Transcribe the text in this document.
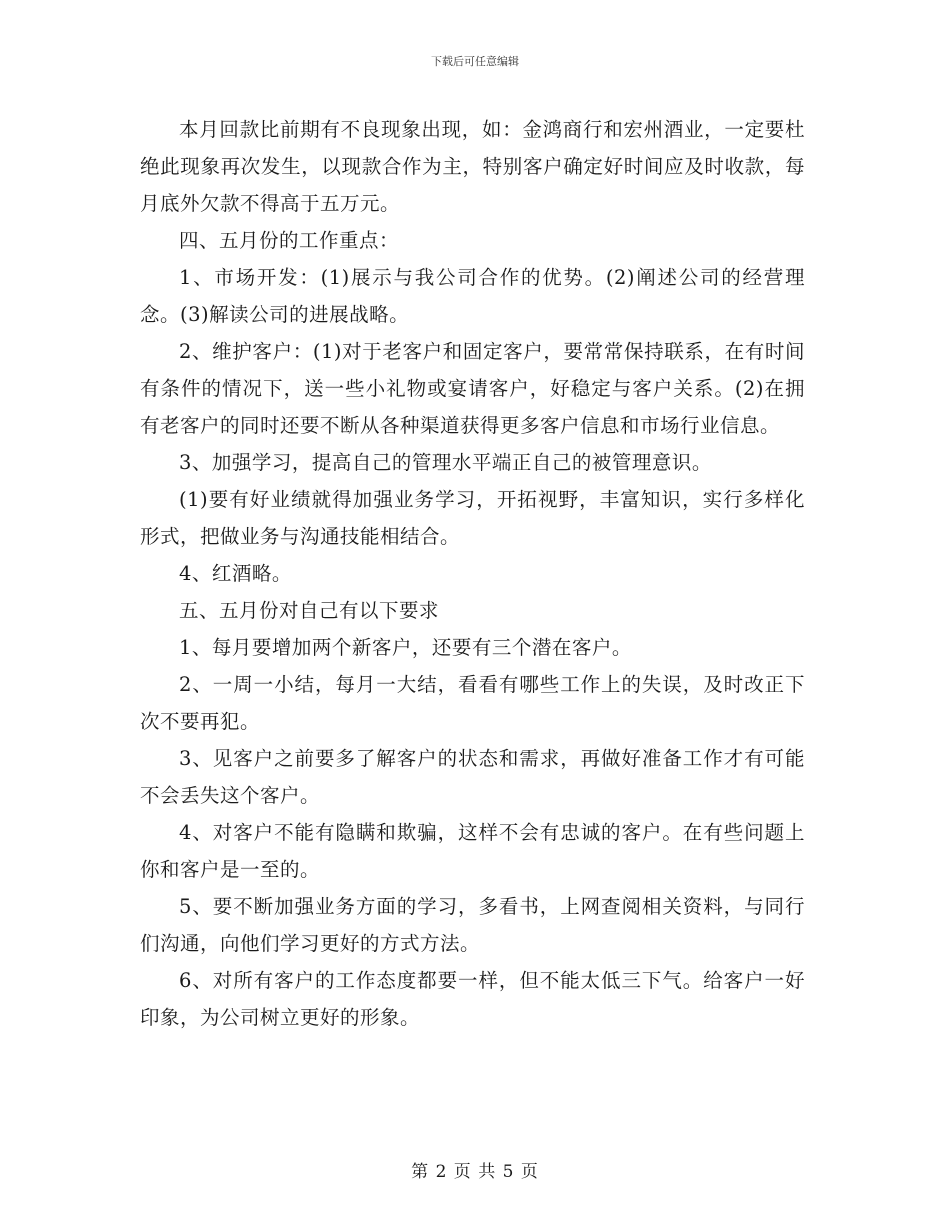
下载后可任意编辑

本月回款比前期有不良现象出现，如：金鸿商行和宏州酒业，一定要杜绝此现象再次发生，以现款合作为主，特别客户确定好时间应及时收款，每月底外欠款不得高于五万元。

四、五月份的工作重点：

1、市场开发：(1)展示与我公司合作的优势。(2)阐述公司的经营理念。(3)解读公司的进展战略。

2、维护客户：(1)对于老客户和固定客户，要常常保持联系，在有时间有条件的情况下，送一些小礼物或宴请客户，好稳定与客户关系。(2)在拥有老客户的同时还要不断从各种渠道获得更多客户信息和市场行业信息。

3、加强学习，提高自己的管理水平端正自己的被管理意识。

(1)要有好业绩就得加强业务学习，开拓视野，丰富知识，实行多样化形式，把做业务与沟通技能相结合。

4、红酒略。

五、五月份对自己有以下要求

1、每月要增加两个新客户，还要有三个潜在客户。

2、一周一小结，每月一大结，看看有哪些工作上的失误，及时改正下次不要再犯。

3、见客户之前要多了解客户的状态和需求，再做好准备工作才有可能不会丢失这个客户。

4、对客户不能有隐瞒和欺骗，这样不会有忠诚的客户。在有些问题上你和客户是一至的。

5、要不断加强业务方面的学习，多看书，上网查阅相关资料，与同行们沟通，向他们学习更好的方式方法。

6、对所有客户的工作态度都要一样，但不能太低三下气。给客户一好印象，为公司树立更好的形象。

第 2 页 共 5 页
